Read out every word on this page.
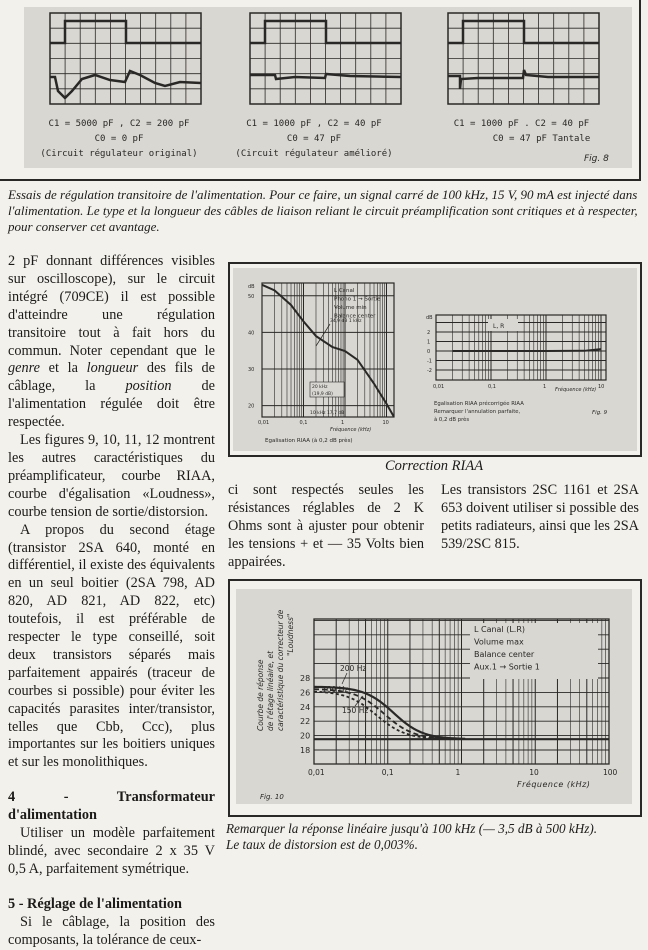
C1 = 5000 pF , C2 = 200 pF
C0 = 0 pF
(Circuit régulateur original)
C1 = 1000 pF , C2 = 40 pF
C0 = 47 pF
(Circuit régulateur amélioré)
C1 = 1000 pF . C2 = 40 pF
C0 = 47 pF Tantale
Fig. 8
Essais de régulation transitoire de l'alimentation. Pour ce faire, un signal carré de 100 kHz, 15 V, 90 mA est injecté dans l'alimentation. Le type et la longueur des câbles de liaison reliant le circuit préamplification sont critiques et à respecter, pour conserver cet avantage.

2 pF donnant différences visibles sur oscilloscope), sur le circuit intégré (709CE) il est possible d'atteindre une régulation transitoire tout à fait hors du commun. Noter cependant que le genre et la longueur des fils de câblage, la position de l'alimentation régulée doit être respectée.

Les figures 9, 10, 11, 12 montrent les autres caractéristiques du préamplificateur, courbe RIAA, courbe d'égalisation «Loudness», courbe tension de sortie/distorsion.

A propos du second étage (transistor 2SA 640, monté en différentiel, il existe des équivalents en un seul boitier (2SA 798, AD 820, AD 821, AD 822, etc) toutefois, il est préférable de respecter le type conseillé, soit deux transistors séparés mais parfaitement appairés (traceur de courbes si possible) pour éviter les capacités parasites inter/transistor, telles que Cbb, Ccc), plus importantes sur les boitiers uniques et sur les monolithiques.

4 - Transformateur d'alimentation

Utiliser un modèle parfaitement blindé, avec secondaire 2 x 35 V 0,5 A, parfaitement symétrique.

5 - Réglage de l'alimentation

Si le câblage, la position des composants, la tolérance de ceux-

dB
50
40
30
20
0,01	0,1	1	10
L Canal
Phono 1 → Sortie
Volume min
Balance center
34,9 dB 1 kHz
20 kHz
(19,9 dB)
10 kHz 17,7 dB
Fréquence (kHz)
Egalisation RIAA (à 0,2 dB près)
dB
2
1
0
-1
-2
0,01	0,1	1	10
L, R
Fréquence (kHz)
Egalisation RIAA précorrigée RIAA
Remarquer l'annulation parfaite,
à 0,2 dB près
Fig. 9
Correction RIAA

ci sont respectés seules les résistances réglables de 2 K Ohms sont à ajuster pour obtenir les tensions + et — 35 Volts bien appairées.

Les transistors 2SC 1161 et 2SA 653 doivent utiliser si possible des petits radiateurs, ainsi que les 2SA 539/2SC 815.

28
26
24
22
20
18
0,01	0,1	1	10	100
Fréquence (kHz)
Fig. 10
Courbe de réponse de l'étage linéaire, et caractéristique du correcteur de "Loudness"	L Canal (L.R)
Volume max
Balance center
Aux.1 → Sortie 1
200 Hz
100 Hz
150 Hz
Remarquer la réponse linéaire jusqu'à 100 kHz (— 3,5 dB à 500 kHz).
Le taux de distorsion est de 0,003%.
